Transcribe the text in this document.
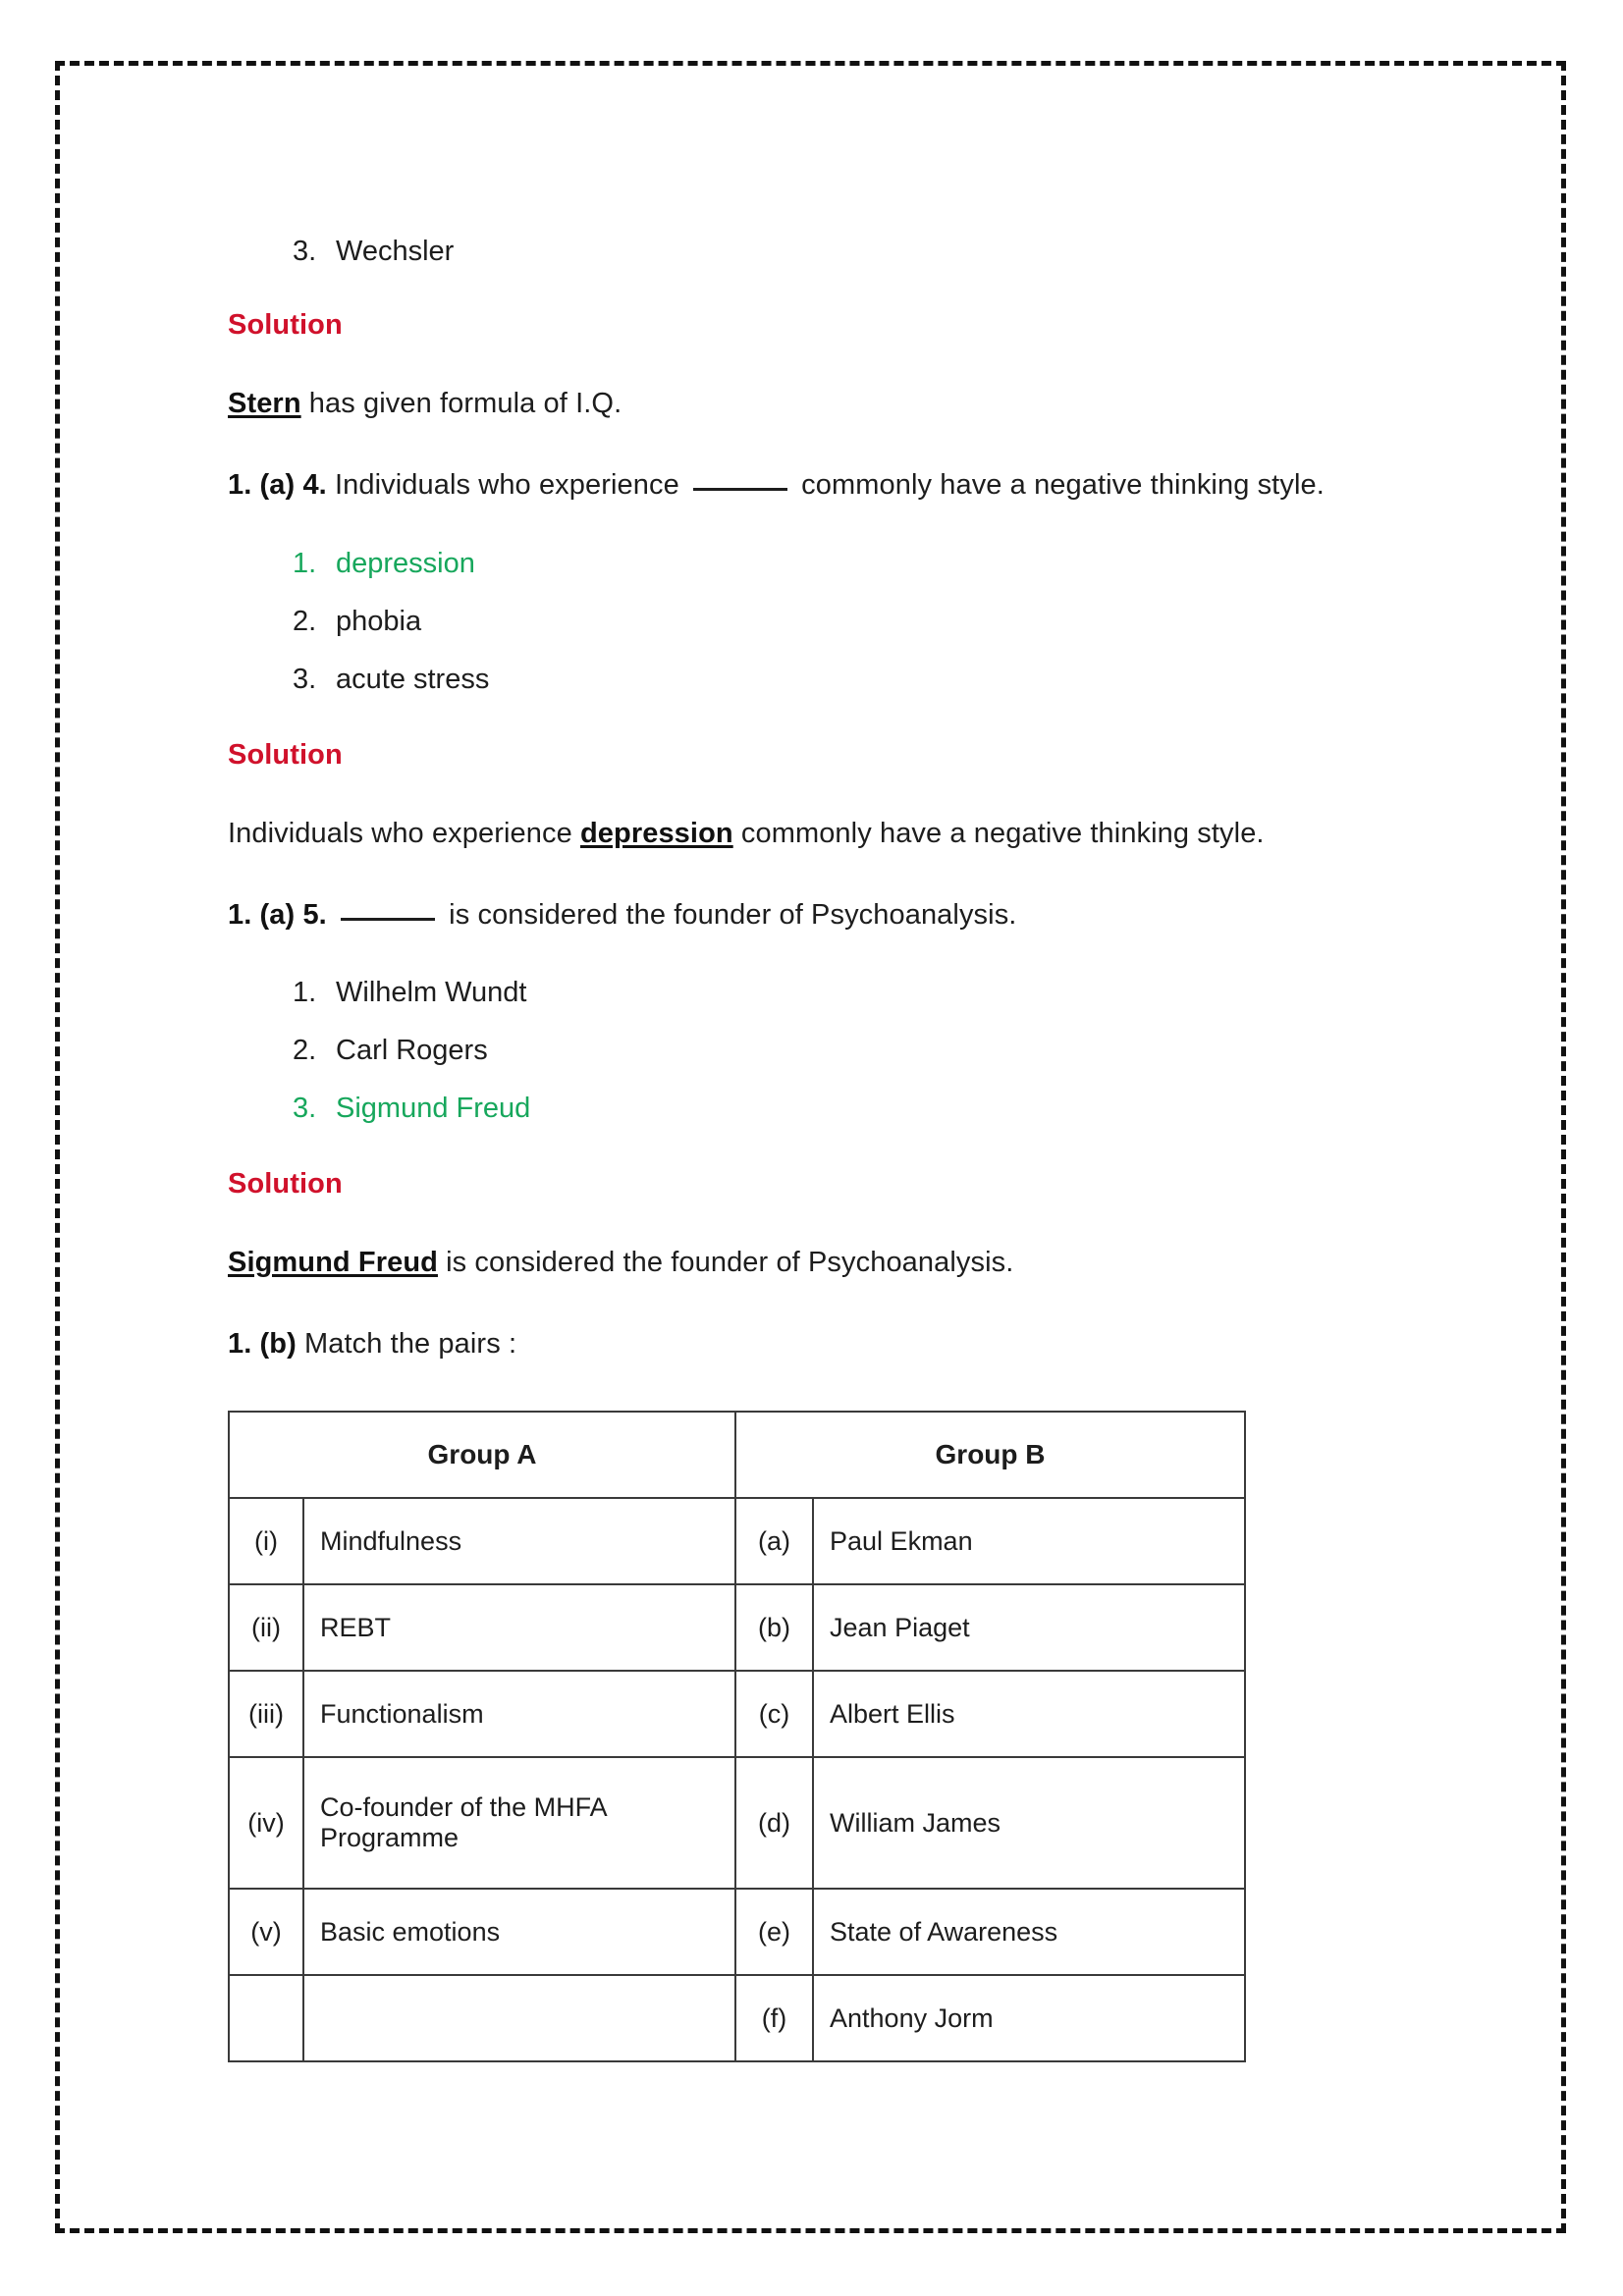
3. Wechsler
Solution

Stern has given formula of I.Q.

1. (a) 4. Individuals who experience	commonly have a negative thinking style.

1. depression
2. phobia
3. acute stress
Solution

Individuals who experience depression commonly have a negative thinking style.

1. (a) 5.	is considered the founder of Psychoanalysis.

1. Wilhelm Wundt
2. Carl Rogers
3. Sigmund Freud
Solution

Sigmund Freud is considered the founder of Psychoanalysis.

1. (b) Match the pairs :

Group A		Group B	
(i)	Mindfulness	(a)	Paul Ekman
(ii)	REBT	(b)	Jean Piaget
(iii)	Functionalism	(c)	Albert Ellis
(iv)	Co-founder of the MHFA Programme	(d)	William James
(v)	Basic emotions	(e)	State of Awareness
		(f)	Anthony Jorm
